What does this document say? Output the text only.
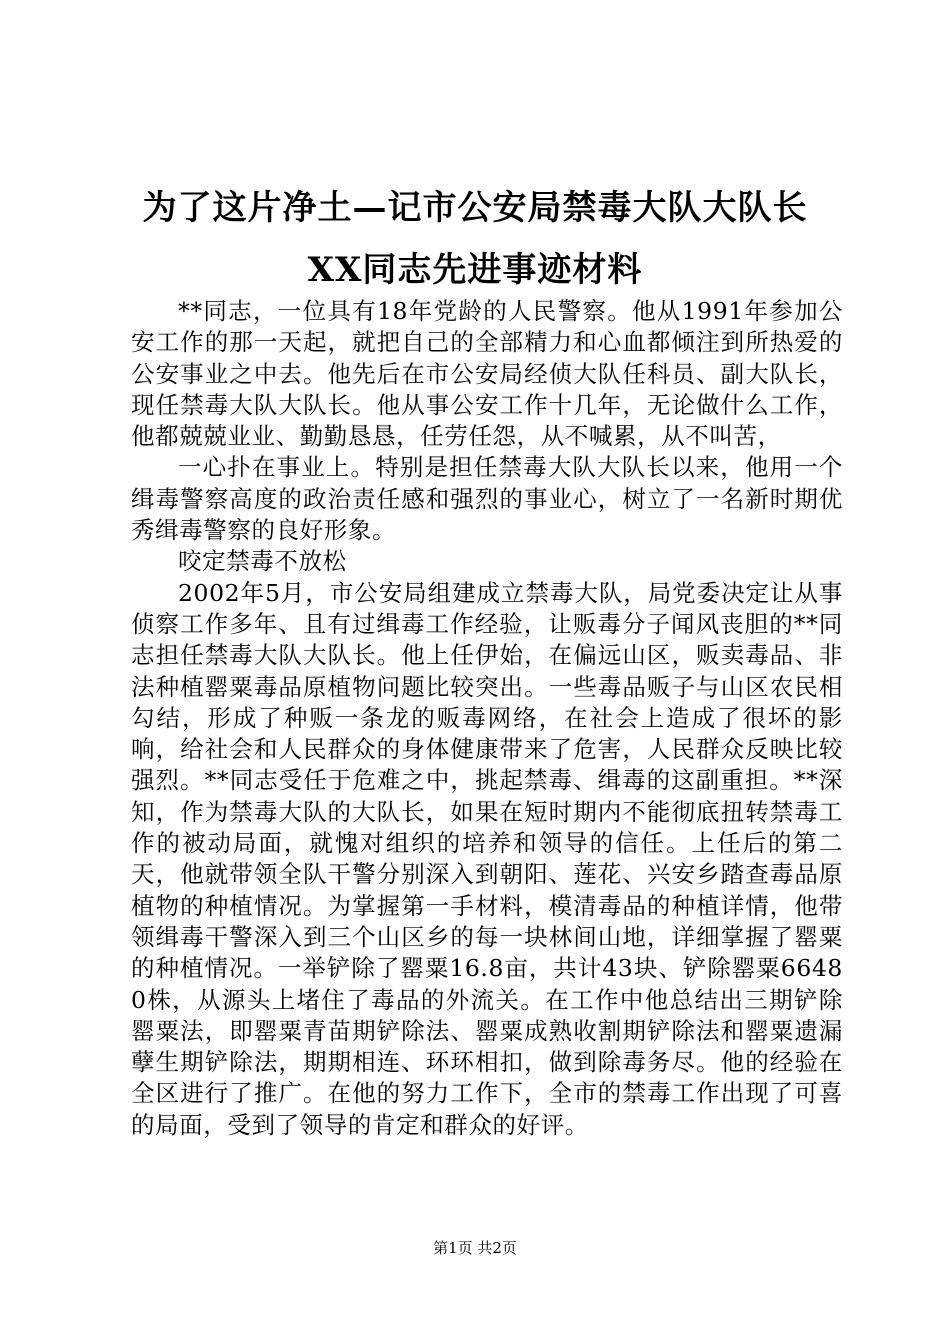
为了这片净土—记市公安局禁毒大队大队长
XX同志先进事迹材料

**同志，一位具有18年党龄的人民警察。他从1991年参加公安工作的那一天起，就把自己的全部精力和心血都倾注到所热爱的公安事业之中去。他先后在市公安局经侦大队任科员、副大队长，现任禁毒大队大队长。他从事公安工作十几年，无论做什么工作，他都兢兢业业、勤勤恳恳，任劳任怨，从不喊累，从不叫苦，

一心扑在事业上。特别是担任禁毒大队大队长以来，他用一个缉毒警察高度的政治责任感和强烈的事业心，树立了一名新时期优秀缉毒警察的良好形象。

咬定禁毒不放松

2002年5月，市公安局组建成立禁毒大队，局党委决定让从事侦察工作多年、且有过缉毒工作经验，让贩毒分子闻风丧胆的**同志担任禁毒大队大队长。他上任伊始，在偏远山区，贩卖毒品、非法种植罂粟毒品原植物问题比较突出。一些毒品贩子与山区农民相勾结，形成了种贩一条龙的贩毒网络，在社会上造成了很坏的影响，给社会和人民群众的身体健康带来了危害，人民群众反映比较强烈。**同志受任于危难之中，挑起禁毒、缉毒的这副重担。**深知，作为禁毒大队的大队长，如果在短时期内不能彻底扭转禁毒工作的被动局面，就愧对组织的培养和领导的信任。上任后的第二天，他就带领全队干警分别深入到朝阳、莲花、兴安乡踏查毒品原植物的种植情况。为掌握第一手材料，模清毒品的种植详情，他带领缉毒干警深入到三个山区乡的每一块林间山地，详细掌握了罂粟的种植情况。一举铲除了罂粟16.8亩，共计43块、铲除罂粟66480株，从源头上堵住了毒品的外流关。在工作中他总结出三期铲除罂粟法，即罂粟青苗期铲除法、罂粟成熟收割期铲除法和罂粟遗漏孽生期铲除法，期期相连、环环相扣，做到除毒务尽。他的经验在全区进行了推广。在他的努力工作下，全市的禁毒工作出现了可喜的局面，受到了领导的肯定和群众的好评。

第1页 共2页
